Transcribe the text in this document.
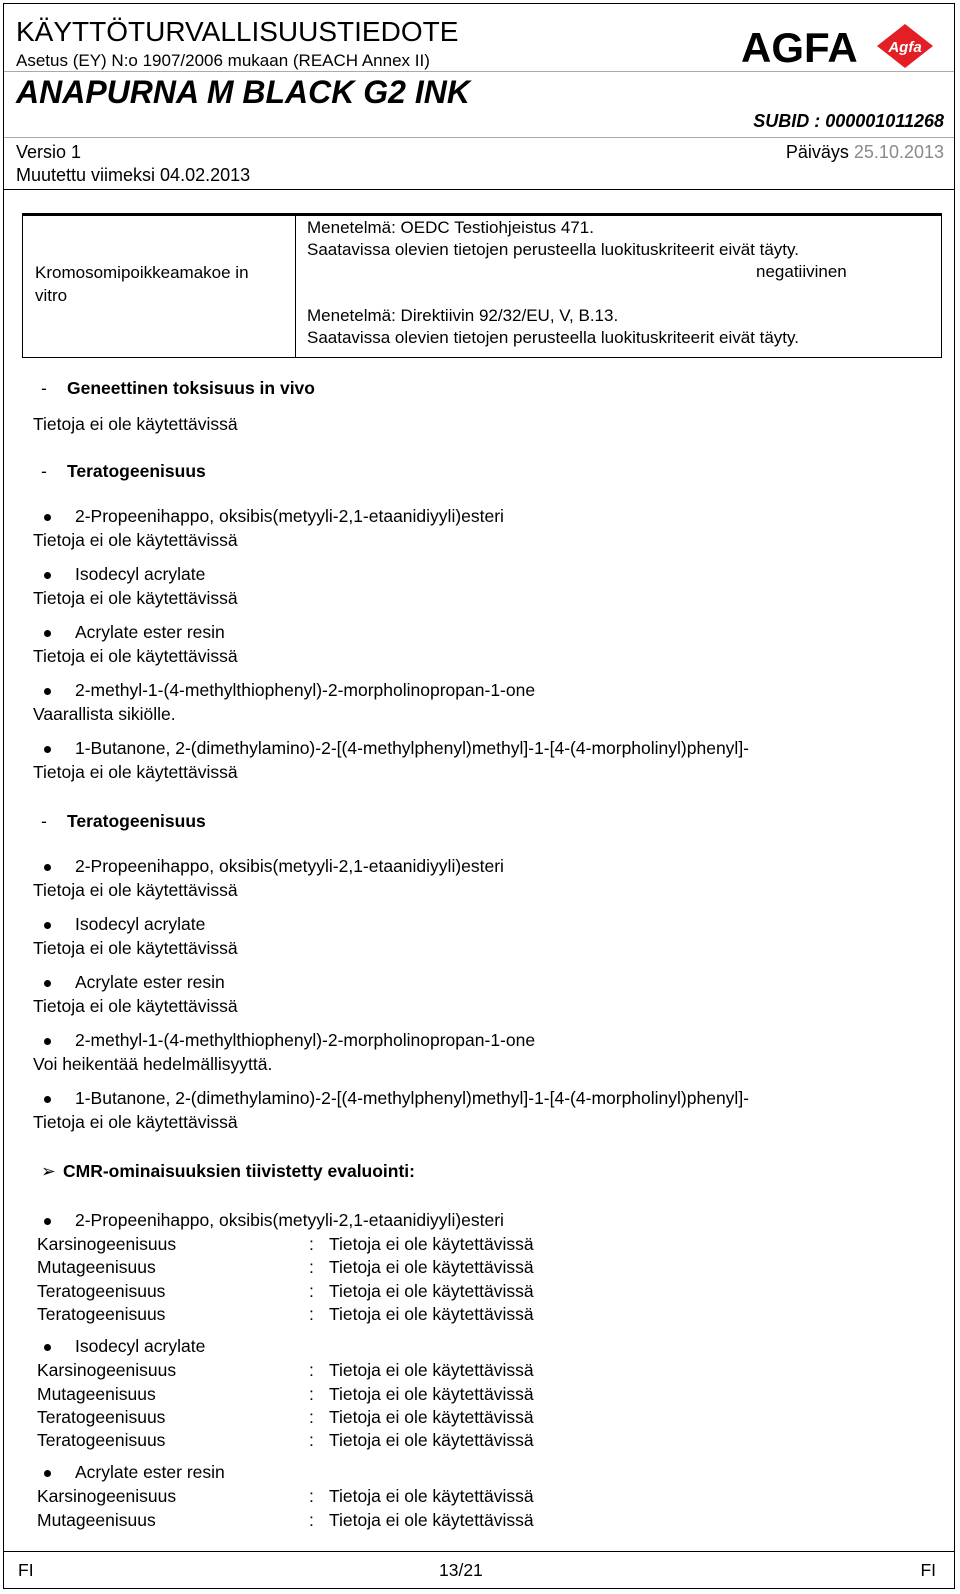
KÄYTTÖTURVALLISUUSTIEDOTE
Asetus (EY) N:o 1907/2006 mukaan (REACH Annex II)
ANAPURNA M BLACK G2 INK
SUBID : 000001011268
Versio 1	Päiväys 25.10.2013
Muutettu viimeksi 04.02.2013
AGFA Agfa
Kromosomipoikkeamakoe in vitro
Menetelmä: OEDC Testiohjeistus 471.
Saatavissa olevien tietojen perusteella luokituskriteerit eivät täyty.
negatiivinen
Menetelmä: Direktiivin 92/32/EU, V, B.13.
Saatavissa olevien tietojen perusteella luokituskriteerit eivät täyty.
- Geneettinen toksisuus in vivo
Tietoja ei ole käytettävissä
- Teratogeenisuus
2-Propeenihappo, oksibis(metyyli-2,1-etaanidiyyli)esteri
Tietoja ei ole käytettävissä
Isodecyl acrylate
Tietoja ei ole käytettävissä
Acrylate ester resin
Tietoja ei ole käytettävissä
2-methyl-1-(4-methylthiophenyl)-2-morpholinopropan-1-one
Vaarallista sikiölle.
1-Butanone, 2-(dimethylamino)-2-[(4-methylphenyl)methyl]-1-[4-(4-morpholinyl)phenyl]-
Tietoja ei ole käytettävissä
- Teratogeenisuus
2-Propeenihappo, oksibis(metyyli-2,1-etaanidiyyli)esteri
Tietoja ei ole käytettävissä
Isodecyl acrylate
Tietoja ei ole käytettävissä
Acrylate ester resin
Tietoja ei ole käytettävissä
2-methyl-1-(4-methylthiophenyl)-2-morpholinopropan-1-one
Voi heikentää hedelmällisyyttä.
1-Butanone, 2-(dimethylamino)-2-[(4-methylphenyl)methyl]-1-[4-(4-morpholinyl)phenyl]-
Tietoja ei ole käytettävissä
➢ CMR-ominaisuuksien tiivistetty evaluointi:
2-Propeenihappo, oksibis(metyyli-2,1-etaanidiyyli)esteri
Karsinogeenisuus	: Tietoja ei ole käytettävissä
Mutageenisuus	: Tietoja ei ole käytettävissä
Teratogeenisuus	: Tietoja ei ole käytettävissä
Teratogeenisuus	: Tietoja ei ole käytettävissä
Isodecyl acrylate
Karsinogeenisuus	: Tietoja ei ole käytettävissä
Mutageenisuus	: Tietoja ei ole käytettävissä
Teratogeenisuus	: Tietoja ei ole käytettävissä
Teratogeenisuus	: Tietoja ei ole käytettävissä
Acrylate ester resin
Karsinogeenisuus	: Tietoja ei ole käytettävissä
Mutageenisuus	: Tietoja ei ole käytettävissä
FI	13/21	FI
